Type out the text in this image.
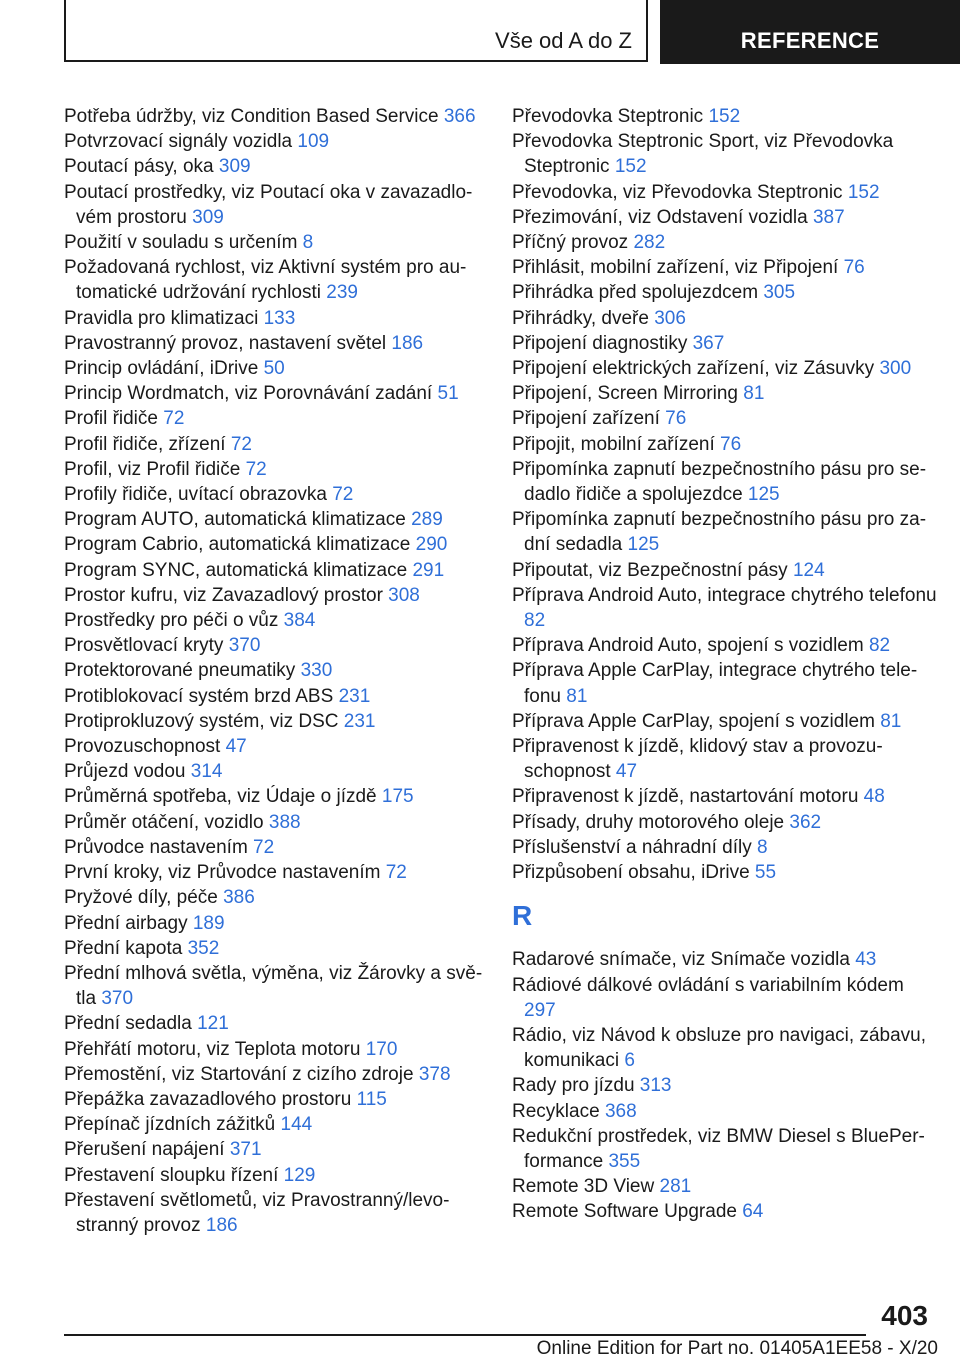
Vše od A do Z	REFERENCE
Potřeba údržby, viz Condition Based Service 366
Potvrzovací signály vozidla 109
Poutací pásy, oka 309
Poutací prostředky, viz Poutací oka v zavazadlovém prostoru 309
Použití v souladu s určením 8
Požadovaná rychlost, viz Aktivní systém pro automatické udržování rychlosti 239
Pravidla pro klimatizaci 133
Pravostranný provoz, nastavení světel 186
Princip ovládání, iDrive 50
Princip Wordmatch, viz Porovnávání zadání 51
Profil řidiče 72
Profil řidiče, zřízení 72
Profil, viz Profil řidiče 72
Profily řidiče, uvítací obrazovka 72
Program AUTO, automatická klimatizace 289
Program Cabrio, automatická klimatizace 290
Program SYNC, automatická klimatizace 291
Prostor kufru, viz Zavazadlový prostor 308
Prostředky pro péči o vůz 384
Prosvětlovací kryty 370
Protektorované pneumatiky 330
Protiblokovací systém brzd ABS 231
Protiprokluzový systém, viz DSC 231
Provozuschopnost 47
Průjezd vodou 314
Průměrná spotřeba, viz Údaje o jízdě 175
Průměr otáčení, vozidlo 388
Průvodce nastavením 72
První kroky, viz Průvodce nastavením 72
Pryžové díly, péče 386
Přední airbagy 189
Přední kapota 352
Přední mlhová světla, výměna, viz Žárovky a světla 370
Přední sedadla 121
Přehřátí motoru, viz Teplota motoru 170
Přemostění, viz Startování z cizího zdroje 378
Přepážka zavazadlového prostoru 115
Přepínač jízdních zážitků 144
Přerušení napájení 371
Přestavení sloupku řízení 129
Přestavení světlometů, viz Pravostranný/levostranný provoz 186
Převodovka Steptronic 152
Převodovka Steptronic Sport, viz Převodovka Steptronic 152
Převodovka, viz Převodovka Steptronic 152
Přezimování, viz Odstavení vozidla 387
Příčný provoz 282
Přihlásit, mobilní zařízení, viz Připojení 76
Přihrádka před spolujezdcem 305
Přihrádky, dveře 306
Připojení diagnostiky 367
Připojení elektrických zařízení, viz Zásuvky 300
Připojení, Screen Mirroring 81
Připojení zařízení 76
Připojit, mobilní zařízení 76
Připomínka zapnutí bezpečnostního pásu pro sedadlo řidiče a spolujezdce 125
Připomínka zapnutí bezpečnostního pásu pro zadní sedadla 125
Připoutat, viz Bezpečnostní pásy 124
Příprava Android Auto, integrace chytrého telefonu 82
Příprava Android Auto, spojení s vozidlem 82
Příprava Apple CarPlay, integrace chytrého telefonu 81
Příprava Apple CarPlay, spojení s vozidlem 81
Připravenost k jízdě, klidový stav a provozuschopnost 47
Připravenost k jízdě, nastartování motoru 48
Přísady, druhy motorového oleje 362
Příslušenství a náhradní díly 8
Přizpůsobení obsahu, iDrive 55
R
Radarové snímače, viz Snímače vozidla 43
Rádiové dálkové ovládání s variabilním kódem 297
Rádio, viz Návod k obsluze pro navigaci, zábavu, komunikaci 6
Rady pro jízdu 313
Recyklace 368
Redukční prostředek, viz BMW Diesel s BluePerformance 355
Remote 3D View 281
Remote Software Upgrade 64
403
Online Edition for Part no. 01405A1EE58 - X/20
